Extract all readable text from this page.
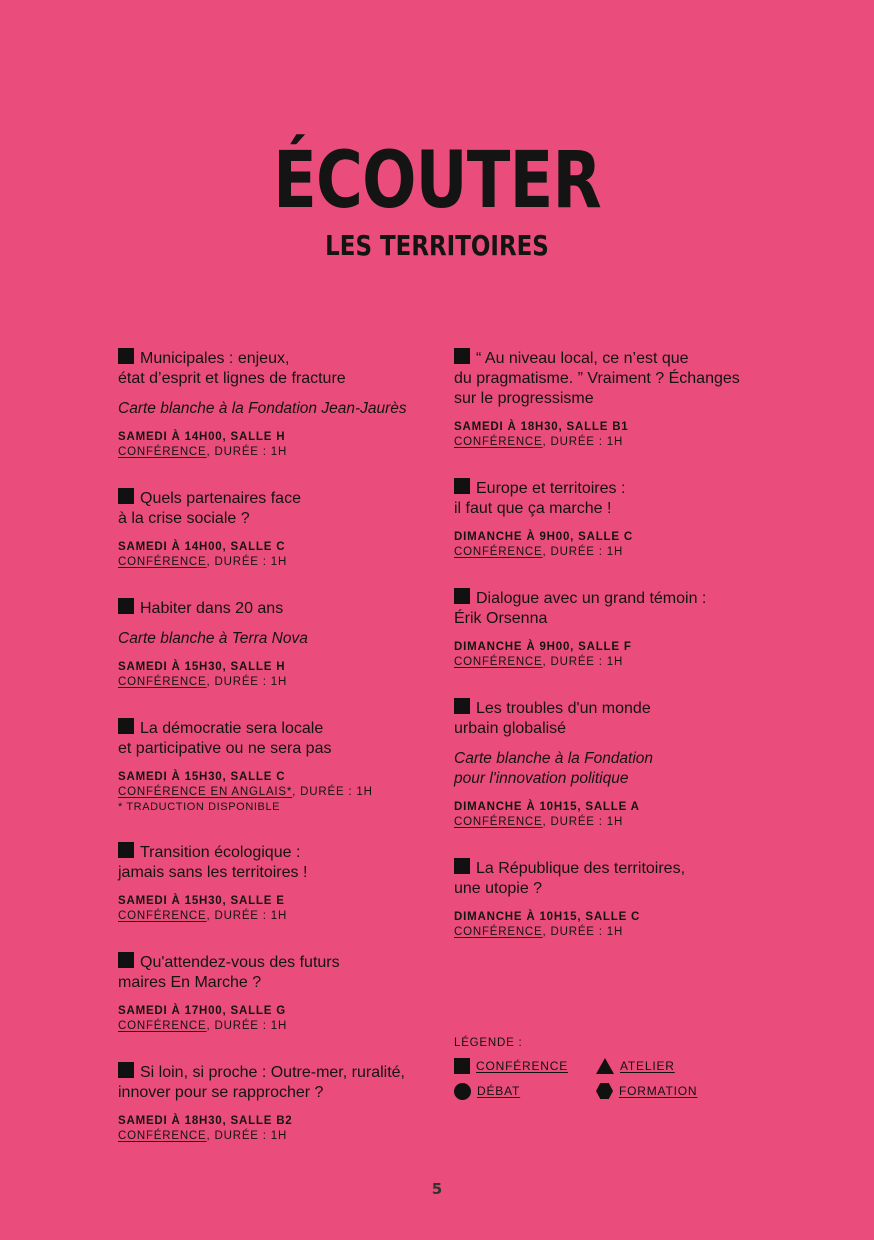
ÉCOUTER
LES TERRITOIRES
Municipales : enjeux,
état d’esprit et lignes de fracture
Carte blanche à la Fondation Jean-Jaurès
SAMEDI À 14H00, SALLE H
CONFÉRENCE, DURÉE : 1H
Quels partenaires face
à la crise sociale ?
SAMEDI À 14H00, SALLE C
CONFÉRENCE, DURÉE : 1H
Habiter dans 20 ans
Carte blanche à Terra Nova
SAMEDI À 15H30, SALLE H
CONFÉRENCE, DURÉE : 1H
La démocratie sera locale
et participative ou ne sera pas
SAMEDI À 15H30, SALLE C
CONFÉRENCE EN ANGLAIS*, DURÉE : 1H
* TRADUCTION DISPONIBLE
Transition écologique :
jamais sans les territoires !
SAMEDI À 15H30, SALLE E
CONFÉRENCE, DURÉE : 1H
Qu'attendez-vous des futurs
maires En Marche ?
SAMEDI À 17H00, SALLE G
CONFÉRENCE, DURÉE : 1H
Si loin, si proche : Outre-mer, ruralité,
innover pour se rapprocher ?
SAMEDI À 18H30, SALLE B2
CONFÉRENCE, DURÉE : 1H
“ Au niveau local, ce n’est que
du pragmatisme. ” Vraiment ? Échanges
sur le progressisme
SAMEDI À 18H30, SALLE B1
CONFÉRENCE, DURÉE : 1H
Europe et territoires :
il faut que ça marche !
DIMANCHE À 9H00, SALLE C
CONFÉRENCE, DURÉE : 1H
Dialogue avec un grand témoin :
Érik Orsenna
DIMANCHE À 9H00, SALLE F
CONFÉRENCE, DURÉE : 1H
Les troubles d'un monde
urbain globalisé
Carte blanche à la Fondation
pour l'innovation politique
DIMANCHE À 10H15, SALLE A
CONFÉRENCE, DURÉE : 1H
La République des territoires,
une utopie ?
DIMANCHE À 10H15, SALLE C
CONFÉRENCE, DURÉE : 1H
LÉGENDE :
CONFÉRENCE	ATELIER
DÉBAT	FORMATION
5
